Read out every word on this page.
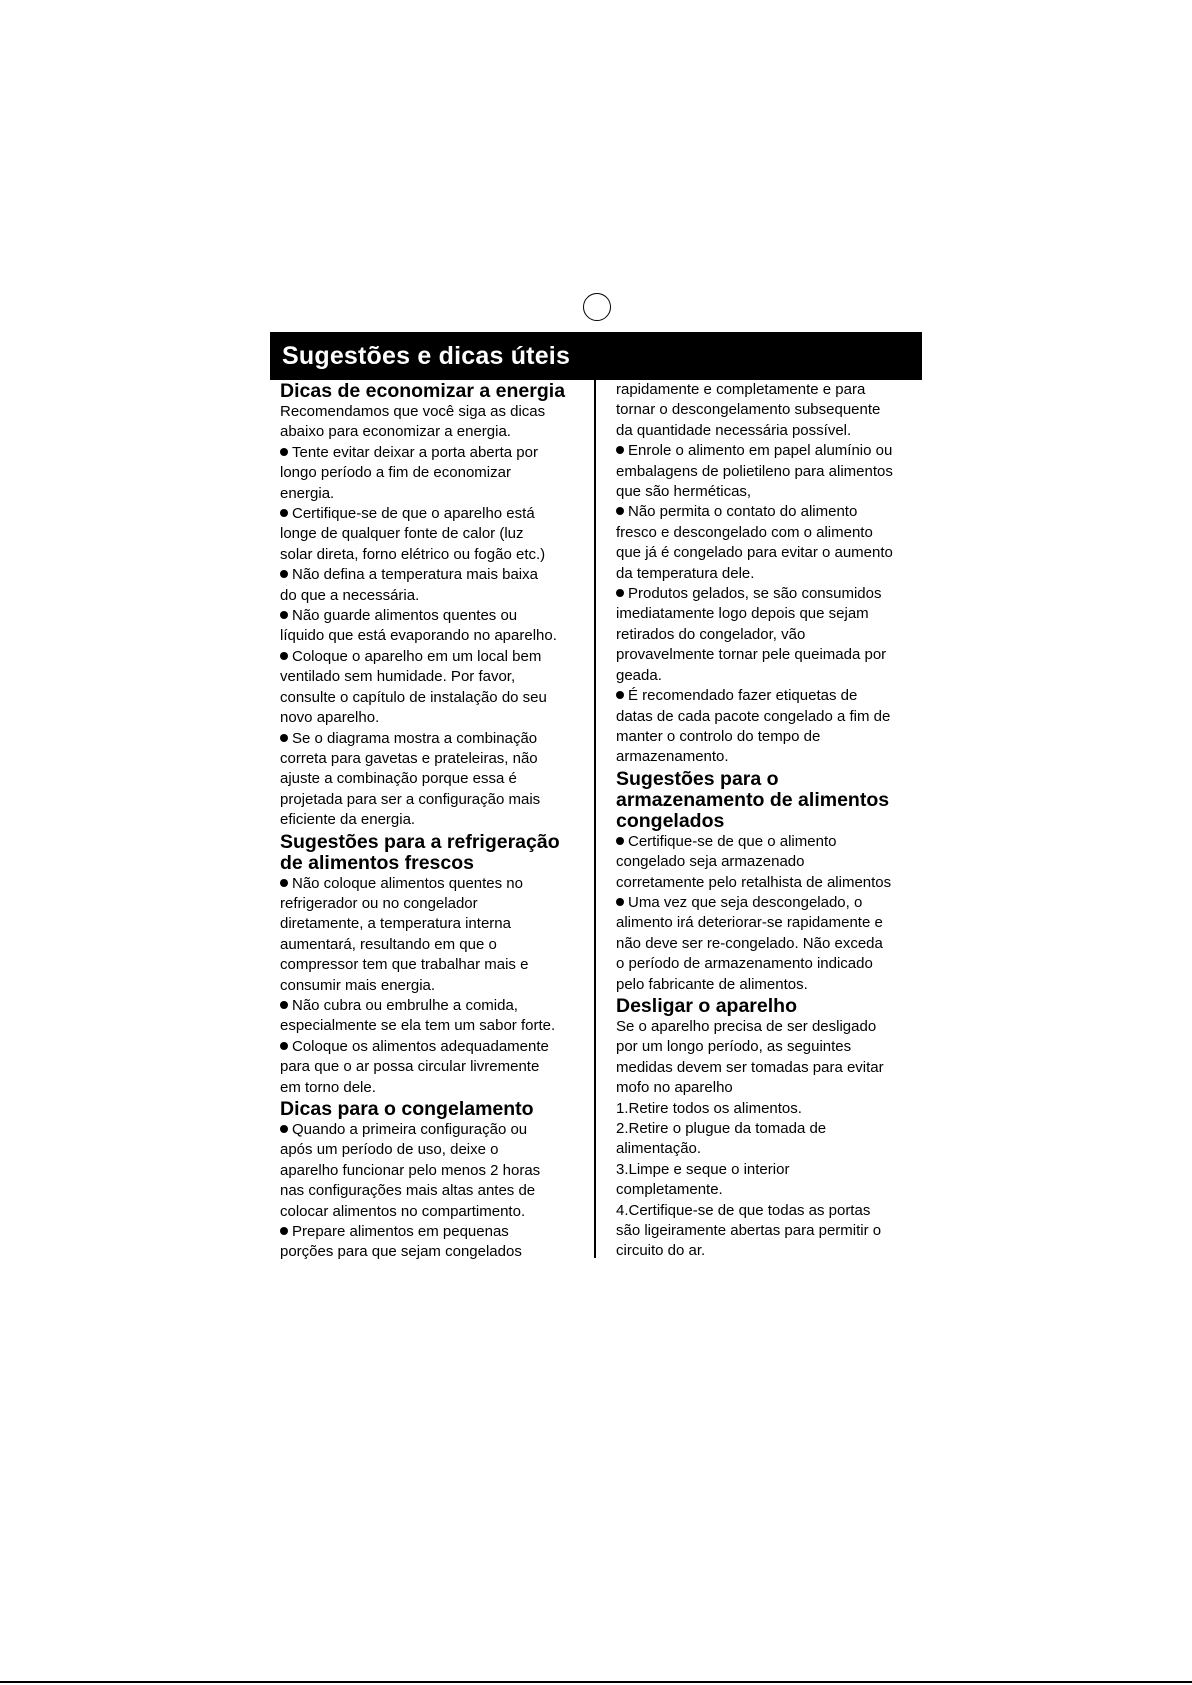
Sugestões e dicas úteis
Dicas de economizar a energia

Recomendamos que você siga as dicas
abaixo para economizar a energia.

Tente evitar deixar a porta aberta por
longo período a fim de economizar
energia.

Certifique-se de que o aparelho está
longe de qualquer fonte de calor (luz
solar direta, forno elétrico ou fogão etc.)

Não defina a temperatura mais baixa
do que a necessária.

Não guarde alimentos quentes ou
líquido que está evaporando no aparelho.

Coloque o aparelho em um local bem
ventilado sem humidade. Por favor,
consulte o capítulo de instalação do seu
novo aparelho.

Se o diagrama mostra a combinação
correta para gavetas e prateleiras, não
ajuste a combinação porque essa é
projetada para ser a configuração mais
eficiente da energia.

Sugestões para a refrigeração
de alimentos frescos

Não coloque alimentos quentes no
refrigerador ou no congelador
diretamente, a temperatura interna
aumentará, resultando em que o
compressor tem que trabalhar mais e
consumir mais energia.

Não cubra ou embrulhe a comida,
especialmente se ela tem um sabor forte.

Coloque os alimentos adequadamente
para que o ar possa circular livremente
em torno dele.

Dicas para o congelamento

Quando a primeira configuração ou
após um período de uso, deixe o
aparelho funcionar pelo menos 2 horas
nas configurações mais altas antes de
colocar alimentos no compartimento.

Prepare alimentos em pequenas
porções para que sejam congelados

rapidamente e completamente e para
tornar o descongelamento subsequente
da quantidade necessária possível.

Enrole o alimento em papel alumínio ou
embalagens de polietileno para alimentos
que são herméticas,

Não permita o contato do alimento
fresco e descongelado com o alimento
que já é congelado para evitar o aumento
da temperatura dele.

Produtos gelados, se são consumidos
imediatamente logo depois que sejam
retirados do congelador, vão
provavelmente tornar pele queimada por
geada.

É recomendado fazer etiquetas de
datas de cada pacote congelado a fim de
manter o controlo do tempo de
armazenamento.

Sugestões para o
armazenamento de alimentos
congelados

Certifique-se de que o alimento
congelado seja armazenado
corretamente pelo retalhista de alimentos

Uma vez que seja descongelado, o
alimento irá deteriorar-se rapidamente e
não deve ser re-congelado. Não exceda
o período de armazenamento indicado
pelo fabricante de alimentos.

Desligar o aparelho

Se o aparelho precisa de ser desligado
por um longo período, as seguintes
medidas devem ser tomadas para evitar
mofo no aparelho

1.Retire todos os alimentos.

2.Retire o plugue da tomada de
alimentação.

3.Limpe e seque o interior
completamente.

4.Certifique-se de que todas as portas
são ligeiramente abertas para permitir o
circuito do ar.
